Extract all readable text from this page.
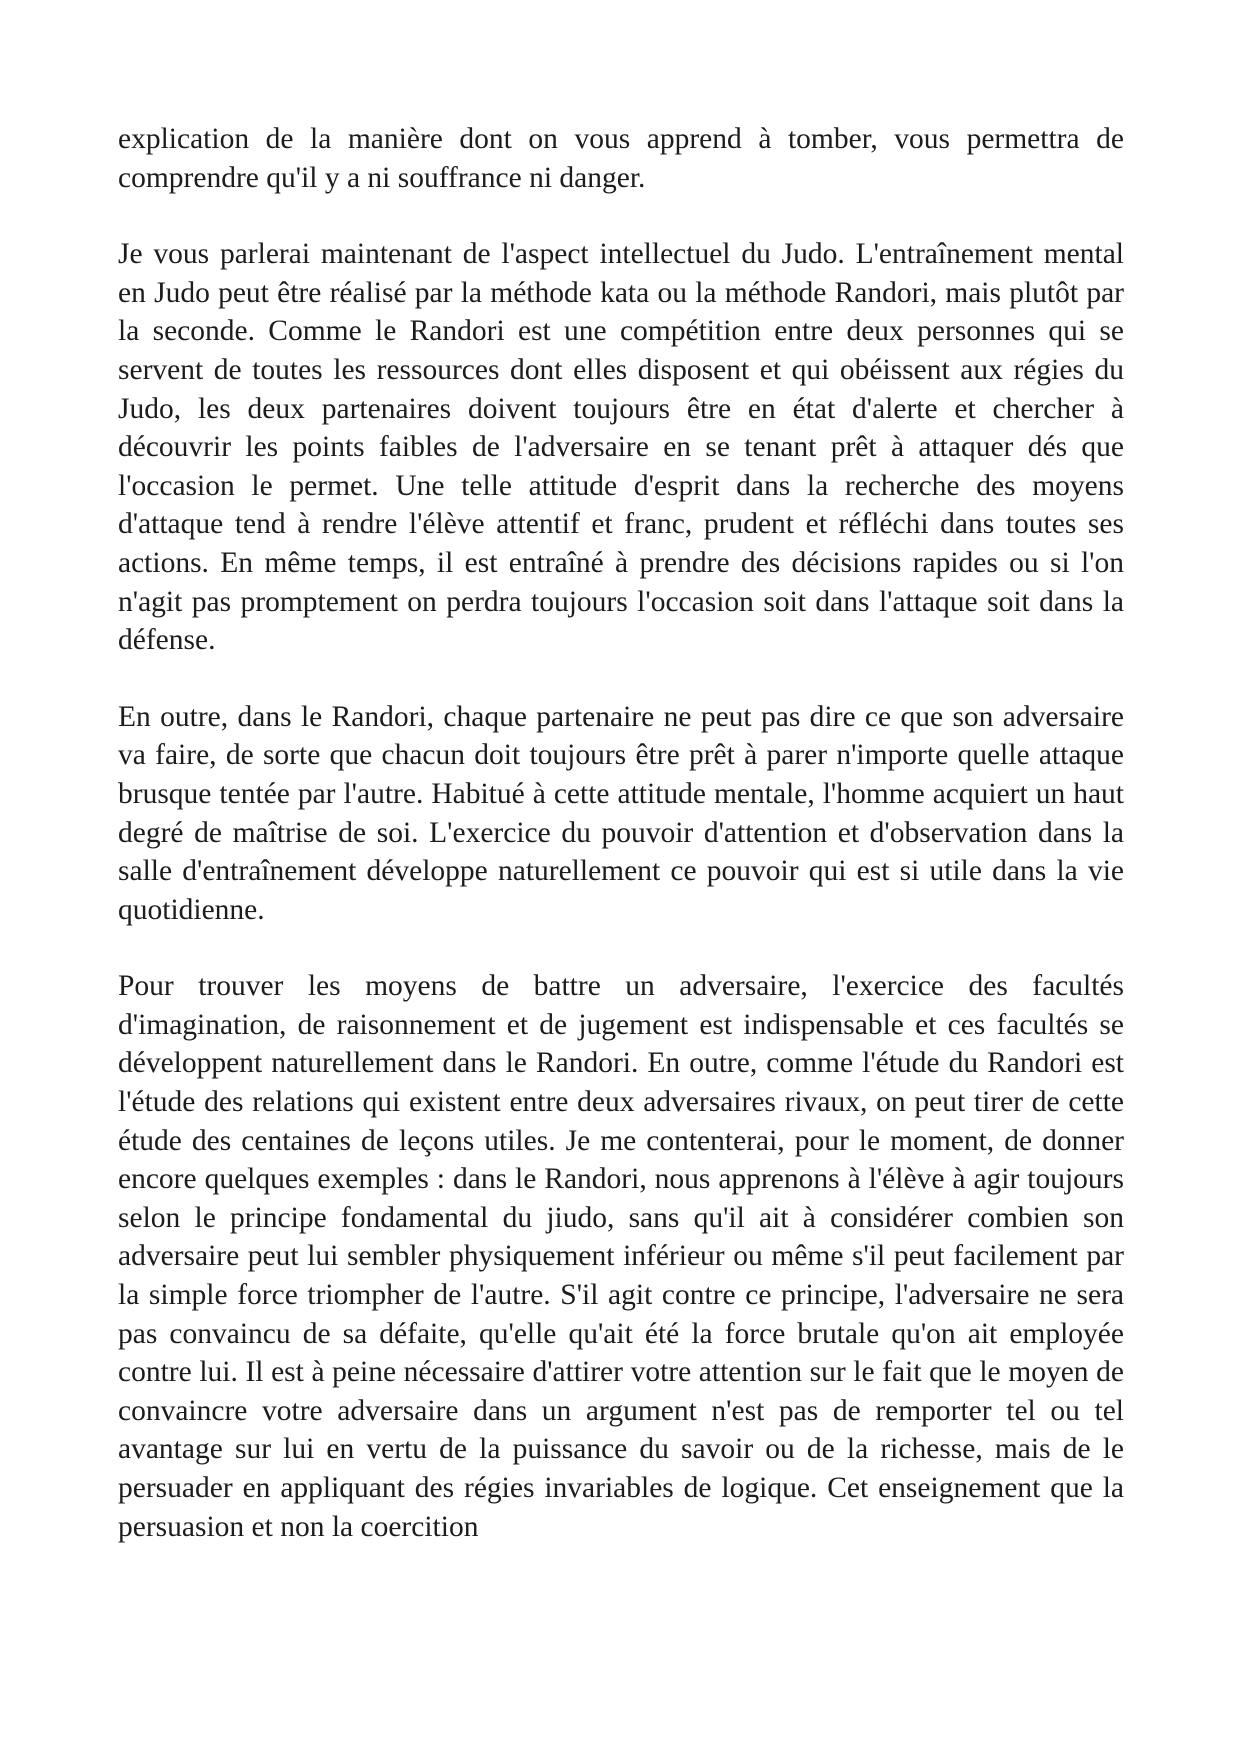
explication de la manière dont on vous apprend à tomber, vous permettra de comprendre qu'il y a ni souffrance ni danger.

Je vous parlerai maintenant de l'aspect intellectuel du Judo. L'entraînement mental en Judo peut être réalisé par la méthode kata ou la méthode Randori, mais plutôt par la seconde. Comme le Randori est une compétition entre deux personnes qui se servent de toutes les ressources dont elles disposent et qui obéissent aux régies du Judo, les deux partenaires doivent toujours être en état d'alerte et chercher à découvrir les points faibles de l'adversaire en se tenant prêt à attaquer dés que l'occasion le permet. Une telle attitude d'esprit dans la recherche des moyens d'attaque tend à rendre l'élève attentif et franc, prudent et réfléchi dans toutes ses actions. En même temps, il est entraîné à prendre des décisions rapides ou si l'on n'agit pas promptement on perdra toujours l'occasion soit dans l'attaque soit dans la défense.

En outre, dans le Randori, chaque partenaire ne peut pas dire ce que son adversaire va faire, de sorte que chacun doit toujours être prêt à parer n'importe quelle attaque brusque tentée par l'autre. Habitué à cette attitude mentale, l'homme acquiert un haut degré de maîtrise de soi. L'exercice du pouvoir d'attention et d'observation dans la salle d'entraînement développe naturellement ce pouvoir qui est si utile dans la vie quotidienne.

Pour trouver les moyens de battre un adversaire, l'exercice des facultés d'imagination, de raisonnement et de jugement est indispensable et ces facultés se développent naturellement dans le Randori. En outre, comme l'étude du Randori est l'étude des relations qui existent entre deux adversaires rivaux, on peut tirer de cette étude des centaines de leçons utiles. Je me contenterai, pour le moment, de donner encore quelques exemples : dans le Randori, nous apprenons à l'élève à agir toujours selon le principe fondamental du jiudo, sans qu'il ait à considérer combien son adversaire peut lui sembler physiquement inférieur ou même s'il peut facilement par la simple force triompher de l'autre. S'il agit contre ce principe, l'adversaire ne sera pas convaincu de sa défaite, qu'elle qu'ait été la force brutale qu'on ait employée contre lui. Il est à peine nécessaire d'attirer votre attention sur le fait que le moyen de convaincre votre adversaire dans un argument n'est pas de remporter tel ou tel avantage sur lui en vertu de la puissance du savoir ou de la richesse, mais de le persuader en appliquant des régies invariables de logique. Cet enseignement que la persuasion et non la coercition
